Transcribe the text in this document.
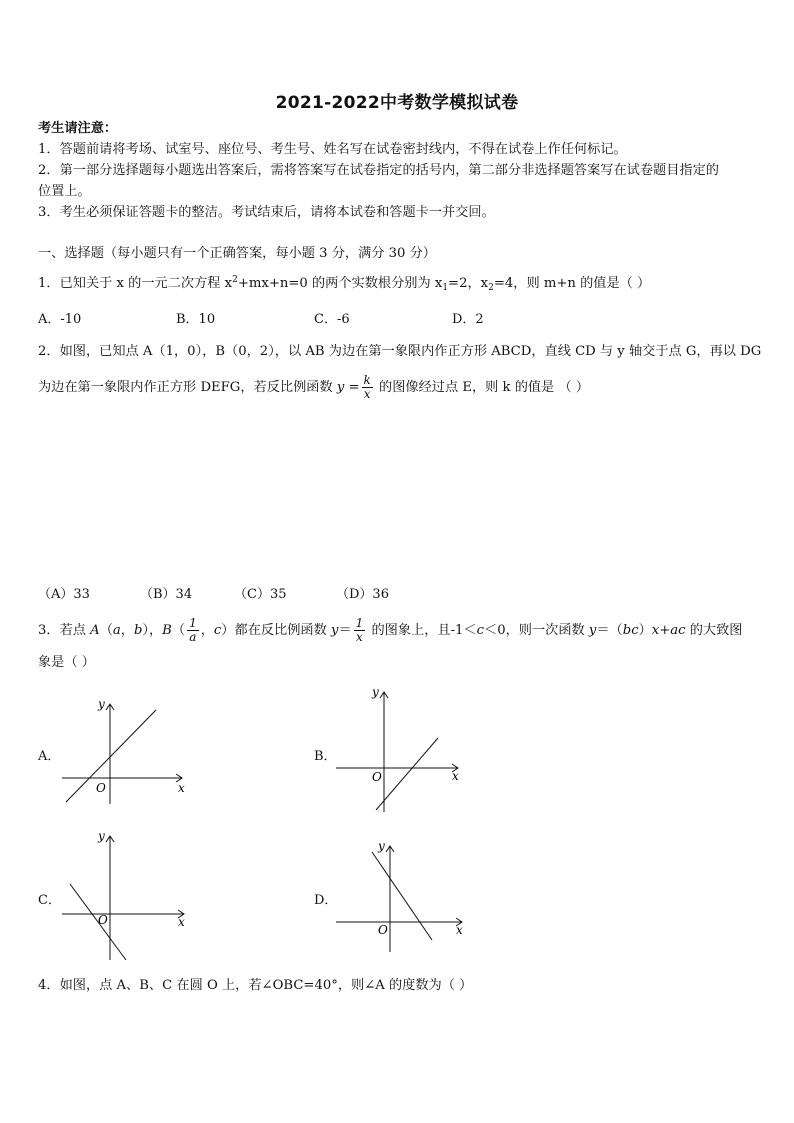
2021-2022中考数学模拟试卷
考生请注意：
1．答题前请将考场、试室号、座位号、考生号、姓名写在试卷密封线内，不得在试卷上作任何标记。
2．第一部分选择题每小题选出答案后，需将答案写在试卷指定的括号内，第二部分非选择题答案写在试卷题目指定的
位置上。
3．考生必须保证答题卡的整洁。考试结束后，请将本试卷和答题卡一并交回。
一、选择题（每小题只有一个正确答案，每小题 3 分，满分 30 分）
1．已知关于 x 的一元二次方程 $x^2+mx+n=0$ 的两个实数根分别为 $x_1=2$，$x_2=4$，则 m+n 的值是（ ）
A．-10	B．10	C．-6	D．2
2．如图，已知点 A（1，0），B（0，2），以 AB 为边在第一象限内作正方形 ABCD，直线 CD 与 y 轴交于点 G，再以 DG
为边在第一象限内作正方形 DEFG，若反比例函数 $y = \frac{k}{x}$ 的图像经过点 E，则 k 的值是 （ ）
（A）33	（B）34	（C）35	（D）36
3．若点 A（a，b），$B( \frac{1}{a}$ ，c）都在反比例函数 $y= \frac{1}{x}$ 的图象上，且-1＜c＜0，则一次函数 y＝（bc）x+ac 的大致图
象是（ ）
A．
x
y
O
B．
x
y
O
C．
x
y
O
D．
x
y
O
4．如图，点 A、B、C 在圆 O 上，若∠OBC=40°，则∠A 的度数为（ ）
